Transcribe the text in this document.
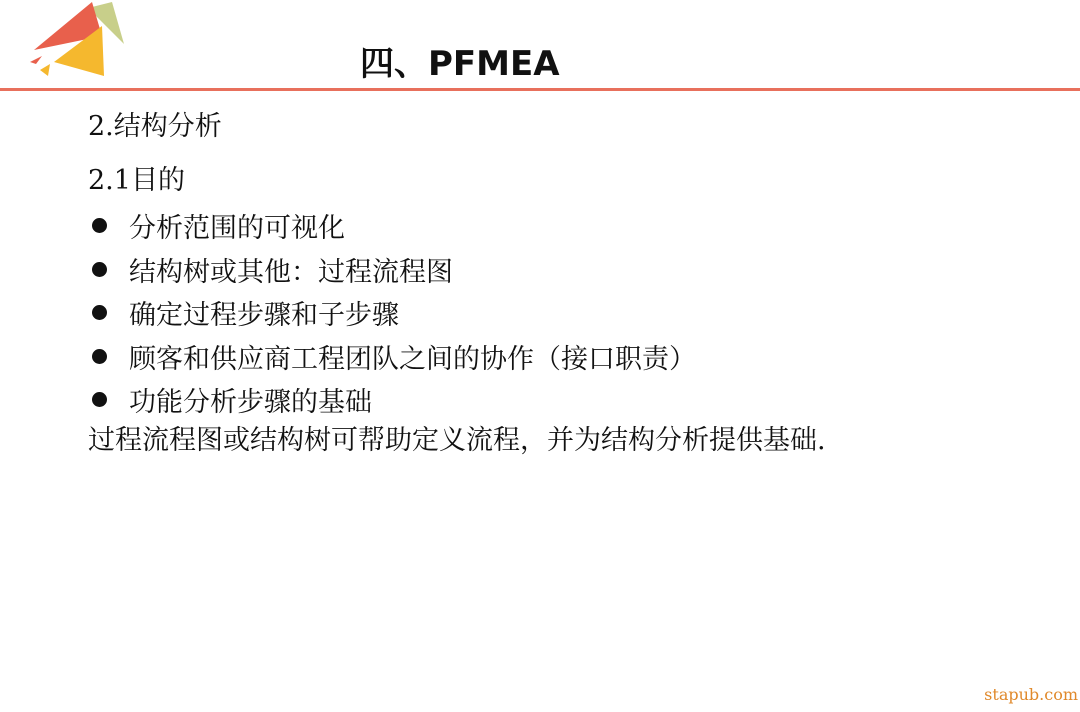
四、PFMEA
2.结构分析
2.1目的
分析范围的可视化
结构树或其他：过程流程图
确定过程步骤和子步骤
顾客和供应商工程团队之间的协作（接口职责）
功能分析步骤的基础
过程流程图或结构树可帮助定义流程，并为结构分析提供基础.
stapub.com
